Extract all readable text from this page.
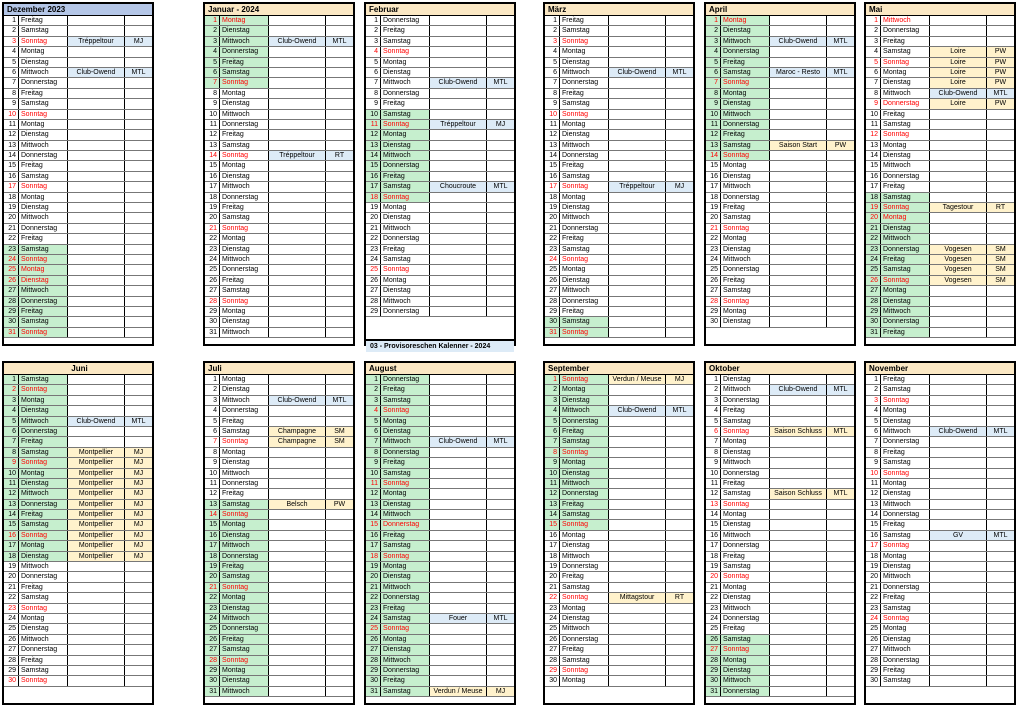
Dezember 2023
1 Freitag
2 Samstag
3 Sonntag	Tréppeltour	MJ
4 Montag
5 Dienstag
6 Mittwoch	Club-Owend	MTL
7 Donnerstag
8 Freitag
9 Samstag
10 Sonntag
11 Montag
12 Dienstag
13 Mittwoch
14 Donnerstag
15 Freitag
16 Samstag
17 Sonntag
18 Montag
19 Dienstag
20 Mittwoch
21 Donnerstag
22 Freitag
23 Samstag
24 Sonntag
25 Montag
26 Dienstag
27 Mittwoch
28 Donnerstag
29 Freitag
30 Samstag
31 Sonntag
Januar - 2024
1 Montag
2 Dienstag
3 Mittwoch	Club-Owend	MTL
4 Donnerstag
5 Freitag
6 Samstag
7 Sonntag
8 Montag
9 Dienstag
10 Mittwoch
11 Donnerstag
12 Freitag
13 Samstag
14 Sonntag	Tréppeltour	RT
15 Montag
16 Dienstag
17 Mittwoch
18 Donnerstag
19 Freitag
20 Samstag
21 Sonntag
22 Montag
23 Dienstag
24 Mittwoch
25 Donnerstag
26 Freitag
27 Samstag
28 Sonntag
29 Montag
30 Dienstag
31 Mittwoch
Februar
1 Donnerstag
2 Freitag
3 Samstag
4 Sonntag
5 Montag
6 Dienstag
7 Mittwoch	Club-Owend	MTL
8 Donnerstag
9 Freitag
10 Samstag
11 Sonntag	Tréppeltour	MJ
12 Montag
13 Dienstag
14 Mittwoch
15 Donnerstag
16 Freitag
17 Samstag	Choucroute	MTL
18 Sonntag
19 Montag
20 Dienstag
21 Mittwoch
22 Donnerstag
23 Freitag
24 Samstag
25 Sonntag
26 Montag
27 Dienstag
28 Mittwoch
29 Donnerstag
03 - Provisoreschen Kalenner - 2024
März
1 Freitag
2 Samstag
3 Sonntag
4 Montag
5 Dienstag
6 Mittwoch	Club-Owend	MTL
7 Donnerstag
8 Freitag
9 Samstag
10 Sonntag
11 Montag
12 Dienstag
13 Mittwoch
14 Donnerstag
15 Freitag
16 Samstag
17 Sonntag	Tréppeltour	MJ
18 Montag
19 Dienstag
20 Mittwoch
21 Donnerstag
22 Freitag
23 Samstag
24 Sonntag
25 Montag
26 Dienstag
27 Mittwoch
28 Donnerstag
29 Freitag
30 Samstag
31 Sonntag
April
1 Montag
2 Dienstag
3 Mittwoch	Club-Owend	MTL
4 Donnerstag
5 Freitag
6 Samstag	Maroc - Resto	MTL
7 Sonntag
8 Montag
9 Dienstag
10 Mittwoch
11 Donnerstag
12 Freitag
13 Samstag	Saison Start	PW
14 Sonntag
15 Montag
16 Dienstag
17 Mittwoch
18 Donnerstag
19 Freitag
20 Samstag
21 Sonntag
22 Montag
23 Dienstag
24 Mittwoch
25 Donnerstag
26 Freitag
27 Samstag
28 Sonntag
29 Montag
30 Dienstag
Mai
1 Mittwoch
2 Donnerstag
3 Freitag
4 Samstag	Loire	PW
5 Sonntag	Loire	PW
6 Montag	Loire	PW
7 Dienstag	Loire	PW
8 Mittwoch	Club-Owend	MTL
9 Donnerstag	Loire	PW
10 Freitag
11 Samstag
12 Sonntag
13 Montag
14 Dienstag
15 Mittwoch
16 Donnerstag
17 Freitag
18 Samstag
19 Sonntag	Tagestour	RT
20 Montag
21 Dienstag
22 Mittwoch
23 Donnerstag	Vogesen	SM
24 Freitag	Vogesen	SM
25 Samstag	Vogesen	SM
26 Sonntag	Vogesen	SM
27 Montag
28 Dienstag
29 Mittwoch
30 Donnerstag
31 Freitag
Juni
1 Samstag
2 Sonntag
3 Montag
4 Dienstag
5 Mittwoch	Club-Owend	MTL
6 Donnerstag
7 Freitag
8 Samstag	Montpellier	MJ
9 Sonntag	Montpellier	MJ
10 Montag	Montpellier	MJ
11 Dienstag	Montpellier	MJ
12 Mittwoch	Montpellier	MJ
13 Donnerstag	Montpellier	MJ
14 Freitag	Montpellier	MJ
15 Samstag	Montpellier	MJ
16 Sonntag	Montpellier	MJ
17 Montag	Montpellier	MJ
18 Dienstag	Montpellier	MJ
19 Mittwoch
20 Donnerstag
21 Freitag
22 Samstag
23 Sonntag
24 Montag
25 Dienstag
26 Mittwoch
27 Donnerstag
28 Freitag
29 Samstag
30 Sonntag
Juli
1 Montag
2 Dienstag
3 Mittwoch	Club-Owend	MTL
4 Donnerstag
5 Freitag
6 Samstag	Champagne	SM
7 Sonntag	Champagne	SM
8 Montag
9 Dienstag
10 Mittwoch
11 Donnerstag
12 Freitag
13 Samstag	Belsch	PW
14 Sonntag
15 Montag
16 Dienstag
17 Mittwoch
18 Donnerstag
19 Freitag
20 Samstag
21 Sonntag
22 Montag
23 Dienstag
24 Mittwoch
25 Donnerstag
26 Freitag
27 Samstag
28 Sonntag
29 Montag
30 Dienstag
31 Mittwoch
August
1 Donnerstag
2 Freitag
3 Samstag
4 Sonntag
5 Montag
6 Dienstag
7 Mittwoch	Club-Owend	MTL
8 Donnerstag
9 Freitag
10 Samstag
11 Sonntag
12 Montag
13 Dienstag
14 Mittwoch
15 Donnerstag
16 Freitag
17 Samstag
18 Sonntag
19 Montag
20 Dienstag
21 Mittwoch
22 Donnerstag
23 Freitag
24 Samstag	Fouer	MTL
25 Sonntag
26 Montag
27 Dienstag
28 Mittwoch
29 Donnerstag
30 Freitag
31 Samstag	Verdun / Meuse	MJ
September
1 Sonntag	Verdun / Meuse	MJ
2 Montag
3 Dienstag
4 Mittwoch	Club-Owend	MTL
5 Donnerstag
6 Freitag
7 Samstag
8 Sonntag
9 Montag
10 Dienstag
11 Mittwoch
12 Donnerstag
13 Freitag
14 Samstag
15 Sonntag
16 Montag
17 Dienstag
18 Mittwoch
19 Donnerstag
20 Freitag
21 Samstag
22 Sonntag	Mittagstour	RT
23 Montag
24 Dienstag
25 Mittwoch
26 Donnerstag
27 Freitag
28 Samstag
29 Sonntag
30 Montag
Oktober
1 Dienstag
2 Mittwoch	Club-Owend	MTL
3 Donnerstag
4 Freitag
5 Samstag
6 Sonntag	Saison Schluss	MTL
7 Montag
8 Dienstag
9 Mittwoch
10 Donnerstag
11 Freitag
12 Samstag	Saison Schluss	MTL
13 Sonntag
14 Montag
15 Dienstag
16 Mittwoch
17 Donnerstag
18 Freitag
19 Samstag
20 Sonntag
21 Montag
22 Dienstag
23 Mittwoch
24 Donnerstag
25 Freitag
26 Samstag
27 Sonntag
28 Montag
29 Dienstag
30 Mittwoch
31 Donnerstag
November
1 Freitag
2 Samstag
3 Sonntag
4 Montag
5 Dienstag
6 Mittwoch	Club-Owend	MTL
7 Donnerstag
8 Freitag
9 Samstag
10 Sonntag
11 Montag
12 Dienstag
13 Mittwoch
14 Donnerstag
15 Freitag
16 Samstag	GV	MTL
17 Sonntag
18 Montag
19 Dienstag
20 Mittwoch
21 Donnerstag
22 Freitag
23 Samstag
24 Sonntag
25 Montag
26 Dienstag
27 Mittwoch
28 Donnerstag
29 Freitag
30 Samstag
